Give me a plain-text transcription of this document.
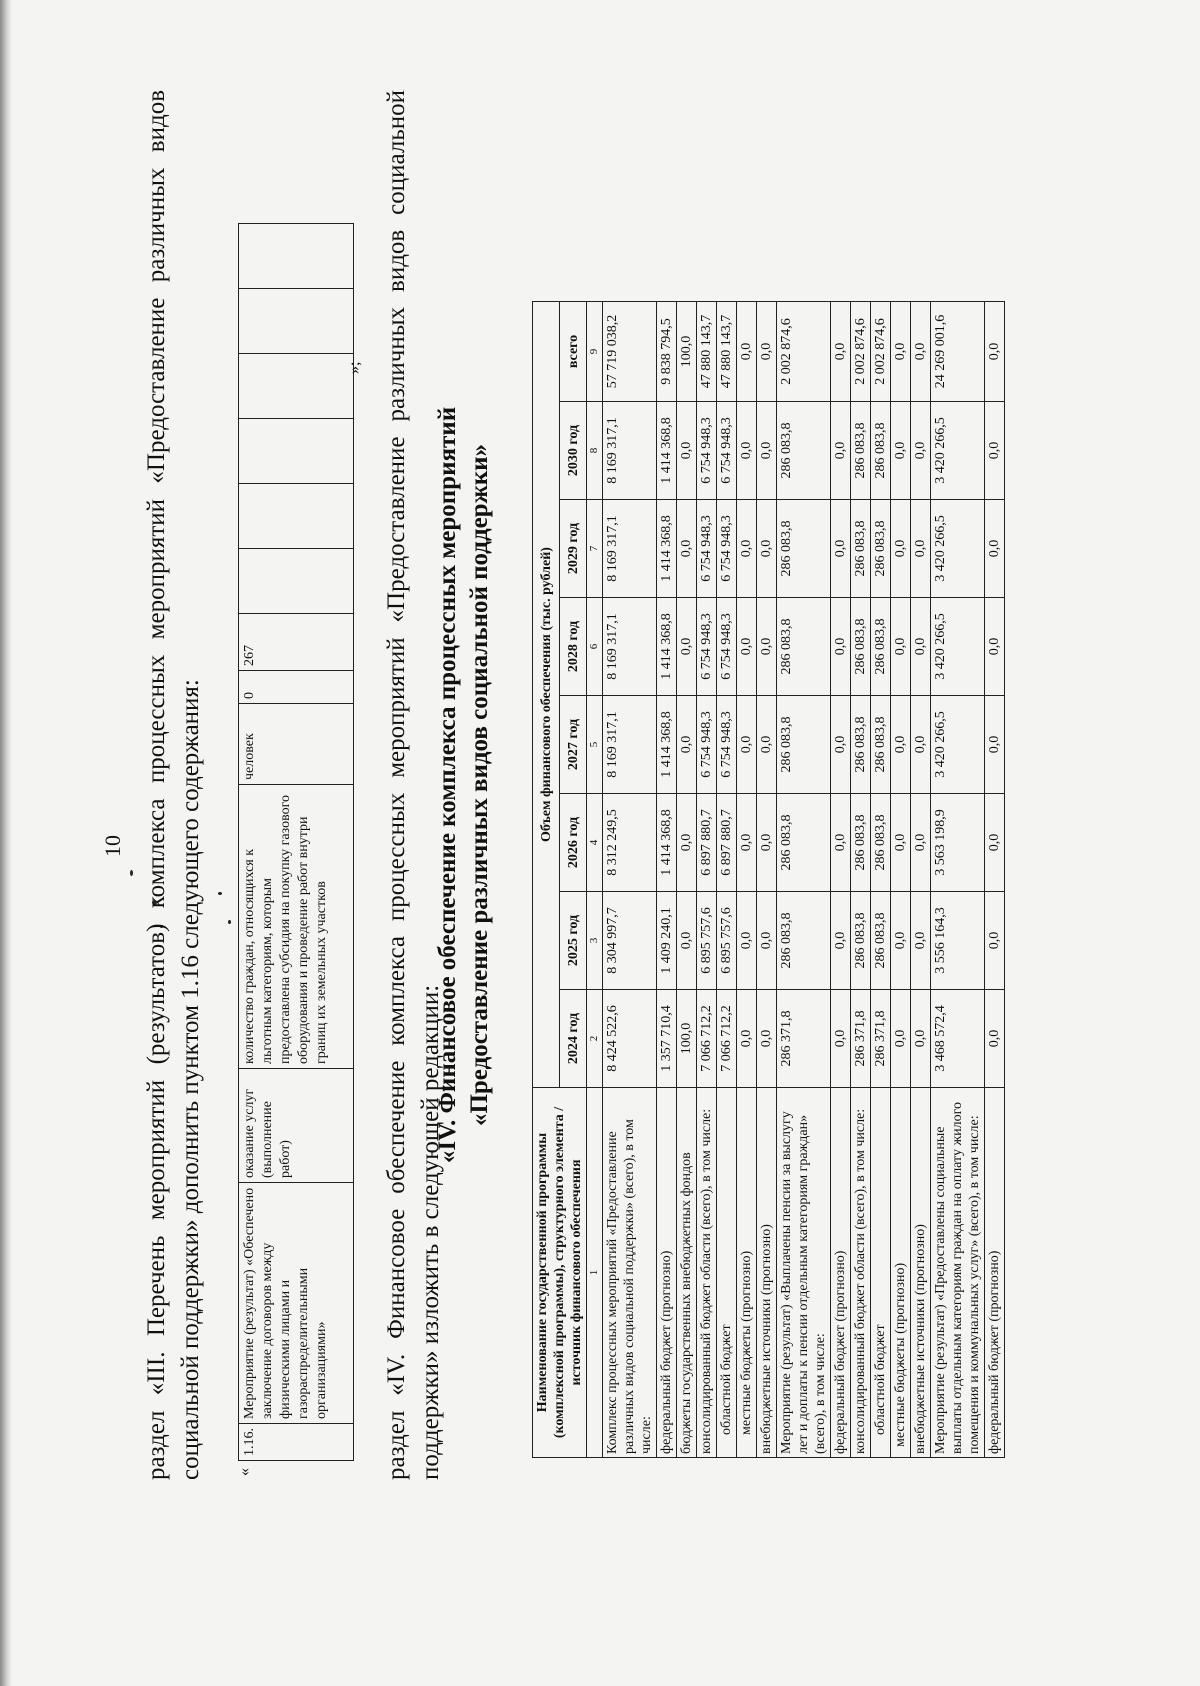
10 раздел «III. Перечень мероприятий (результатов) комплекса процессных мероприятий «Предоставление различных видов социальной поддержки» дополнить пунктом 1.16 следующего содержания: «
1.16.	Мероприятие (результат) «Обеспечено заключение договоров между физическими лицами и газораспределительными организациями»	оказание услуг (выполнение работ)	количество граждан, относящихся к льготным категориям, которым предоставлена субсидия на покупку газового оборудования и проведение работ внутри границ их земельных участков	человек	0	267						
»; раздел «IV. Финансовое обеспечение комплекса процессных мероприятий «Предоставление различных видов социальной поддержки» изложить в следующей редакции:
«IV. Финансовое обеспечение комплекса процессных мероприятий «Предоставление различных видов социальной поддержки»
Наименование государственной программы (комплексной программы), структурного элемента / источник финансового обеспечения	Объем финансового обеспечения (тыс. рублей)							
	2024 год	2025 год	2026 год	2027 год	2028 год	2029 год	2030 год	всего
1	2	3	4	5	6	7	8	9
Комплекс процессных мероприятий «Предоставление различных видов социальной поддержки» (всего), в том числе:	8 424 522,6	8 304 997,7	8 312 249,5	8 169 317,1	8 169 317,1	8 169 317,1	8 169 317,1	57 719 038,2
федеральный бюджет (прогнозно)	1 357 710,4	1 409 240,1	1 414 368,8	1 414 368,8	1 414 368,8	1 414 368,8	1 414 368,8	9 838 794,5
бюджеты государственных внебюджетных фондов	100,0	0,0	0,0	0,0	0,0	0,0	0,0	100,0
консолидированный бюджет области (всего), в том числе:	7 066 712,2	6 895 757,6	6 897 880,7	6 754 948,3	6 754 948,3	6 754 948,3	6 754 948,3	47 880 143,7
областной бюджет	7 066 712,2	6 895 757,6	6 897 880,7	6 754 948,3	6 754 948,3	6 754 948,3	6 754 948,3	47 880 143,7
местные бюджеты (прогнозно)	0,0	0,0	0,0	0,0	0,0	0,0	0,0	0,0
внебюджетные источники (прогнозно)	0,0	0,0	0,0	0,0	0,0	0,0	0,0	0,0
Мероприятие (результат) «Выплачены пенсии за выслугу лет и доплаты к пенсии отдельным категориям граждан» (всего), в том числе:	286 371,8	286 083,8	286 083,8	286 083,8	286 083,8	286 083,8	286 083,8	2 002 874,6
федеральный бюджет (прогнозно)	0,0	0,0	0,0	0,0	0,0	0,0	0,0	0,0
консолидированный бюджет области (всего), в том числе:	286 371,8	286 083,8	286 083,8	286 083,8	286 083,8	286 083,8	286 083,8	2 002 874,6
областной бюджет	286 371,8	286 083,8	286 083,8	286 083,8	286 083,8	286 083,8	286 083,8	2 002 874,6
местные бюджеты (прогнозно)	0,0	0,0	0,0	0,0	0,0	0,0	0,0	0,0
внебюджетные источники (прогнозно)	0,0	0,0	0,0	0,0	0,0	0,0	0,0	0,0
Мероприятие (результат) «Предоставлены социальные выплаты отдельным категориям граждан на оплату жилого помещения и коммунальных услуг» (всего), в том числе:	3 468 572,4	3 556 164,3	3 563 198,9	3 420 266,5	3 420 266,5	3 420 266,5	3 420 266,5	24 269 001,6
федеральный бюджет (прогнозно)	0,0	0,0	0,0	0,0	0,0	0,0	0,0	0,0
